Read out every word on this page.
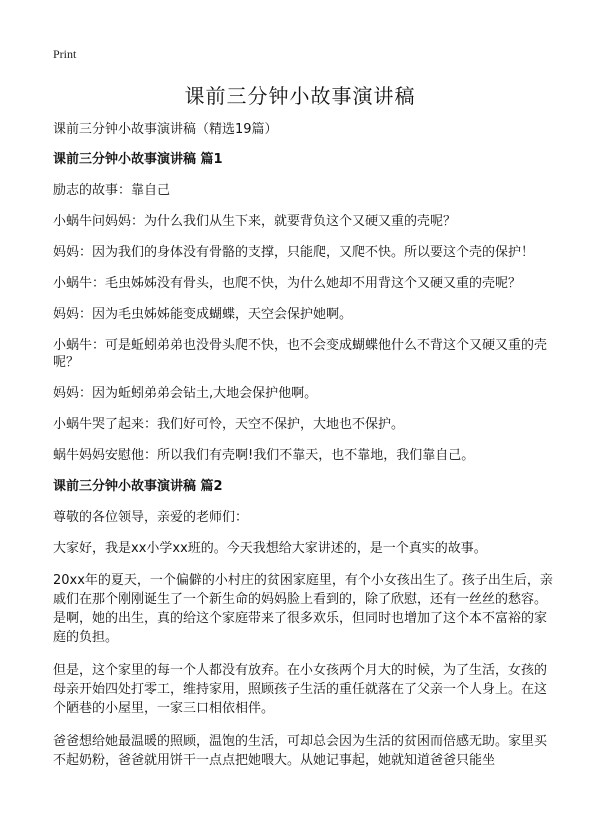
Print
课前三分钟小故事演讲稿
课前三分钟小故事演讲稿（精选19篇）
课前三分钟小故事演讲稿 篇1
励志的故事：靠自己
小蜗牛问妈妈：为什么我们从生下来，就要背负这个又硬又重的壳呢？
妈妈：因为我们的身体没有骨骼的支撑，只能爬，又爬不快。所以要这个壳的保护！
小蜗牛：毛虫姊姊没有骨头，也爬不快，为什么她却不用背这个又硬又重的壳呢？
妈妈：因为毛虫姊姊能变成蝴蝶，天空会保护她啊。
小蜗牛：可是蚯蚓弟弟也没骨头爬不快，也不会变成蝴蝶他什么不背这个又硬又重的壳呢？
妈妈：因为蚯蚓弟弟会钻土,大地会保护他啊。
小蜗牛哭了起来：我们好可怜，天空不保护，大地也不保护。
蜗牛妈妈安慰他：所以我们有壳啊!我们不靠天，也不靠地，我们靠自己。
课前三分钟小故事演讲稿 篇2
尊敬的各位领导，亲爱的老师们：
大家好，我是xx小学xx班的。今天我想给大家讲述的，是一个真实的故事。
20xx年的夏天，一个偏僻的小村庄的贫困家庭里，有个小女孩出生了。孩子出生后，亲戚们在那个刚刚诞生了一个新生命的妈妈脸上看到的，除了欣慰，还有一丝丝的愁容。是啊，她的出生，真的给这个家庭带来了很多欢乐，但同时也增加了这个本不富裕的家庭的负担。
但是，这个家里的每一个人都没有放弃。在小女孩两个月大的时候，为了生活，女孩的母亲开始四处打零工，维持家用，照顾孩子生活的重任就落在了父亲一个人身上。在这个陋巷的小屋里，一家三口相依相伴。
爸爸想给她最温暖的照顾，温饱的生活，可却总会因为生活的贫困而倍感无助。家里买不起奶粉，爸爸就用饼干一点点把她喂大。从她记事起，她就知道爸爸只能坐
